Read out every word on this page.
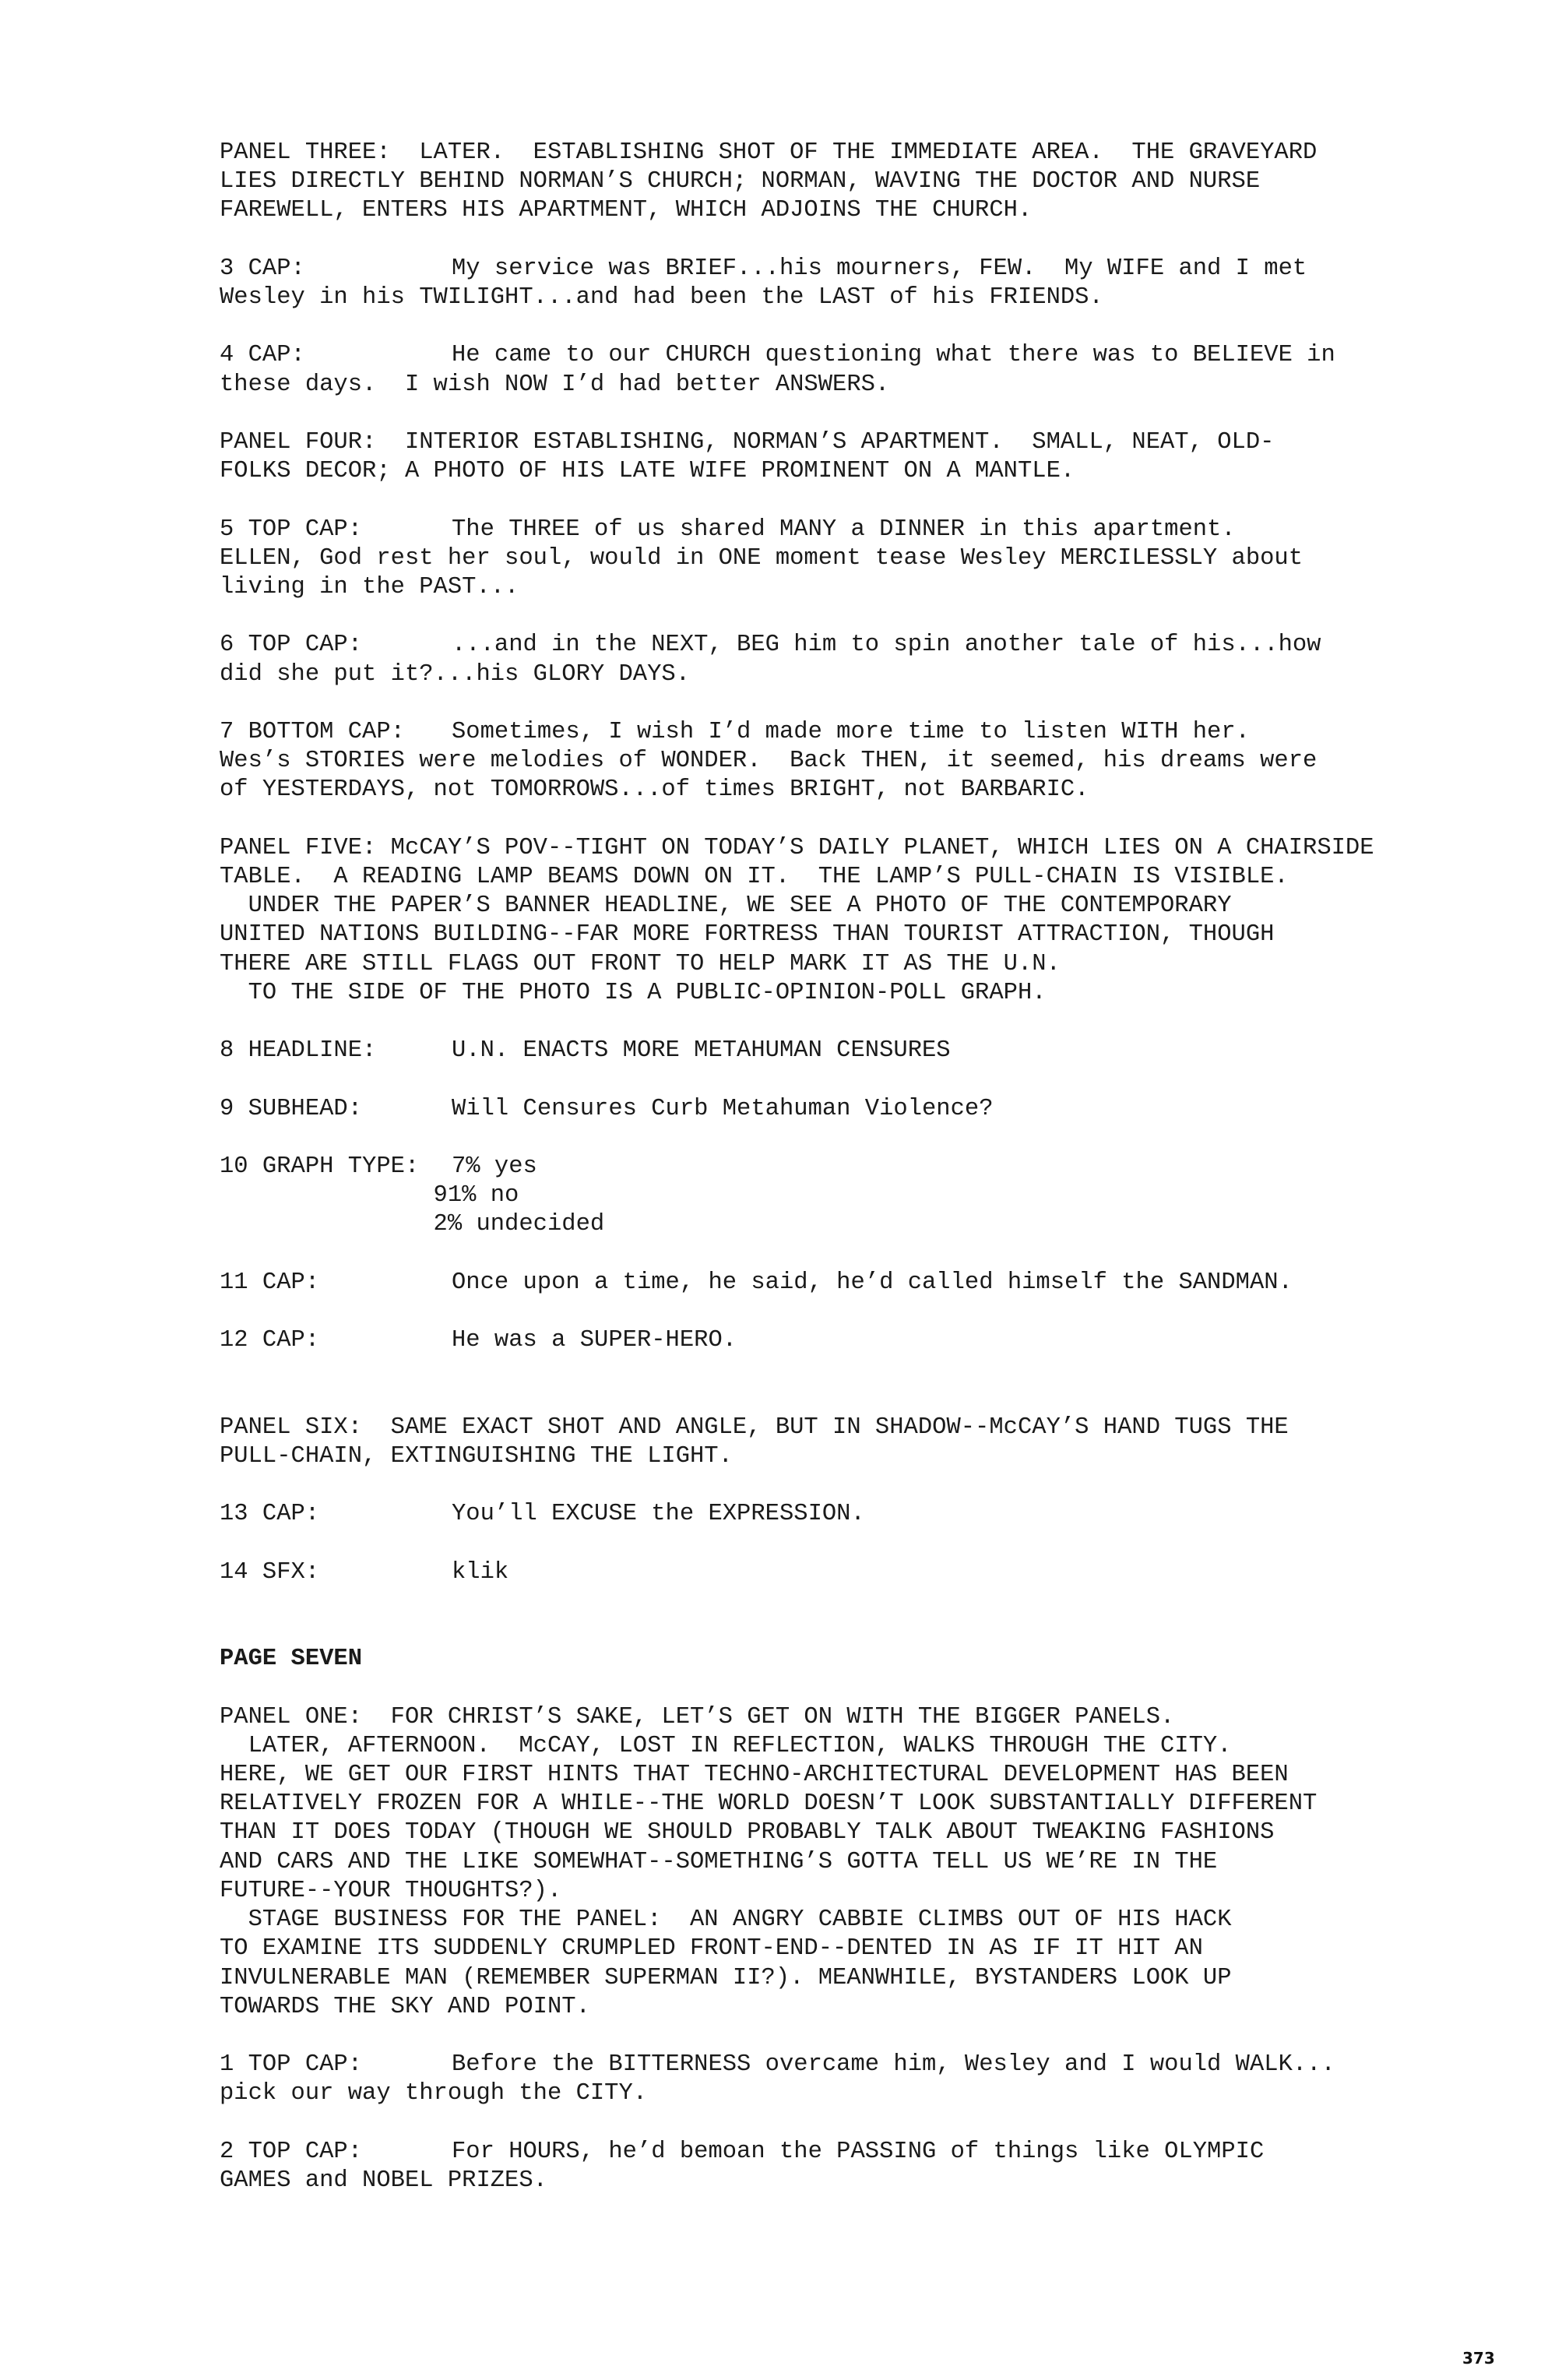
PANEL THREE:  LATER.  ESTABLISHING SHOT OF THE IMMEDIATE AREA.  THE GRAVEYARD
LIES DIRECTLY BEHIND NORMAN’S CHURCH; NORMAN, WAVING THE DOCTOR AND NURSE
FAREWELL, ENTERS HIS APARTMENT, WHICH ADJOINS THE CHURCH.
3 CAP:	My service was BRIEF...his mourners, FEW.  My WIFE and I met
Wesley in his TWILIGHT...and had been the LAST of his FRIENDS.
4 CAP:	He came to our CHURCH questioning what there was to BELIEVE in
these days.  I wish NOW I’d had better ANSWERS.
PANEL FOUR:  INTERIOR ESTABLISHING, NORMAN’S APARTMENT.  SMALL, NEAT, OLD-
FOLKS DECOR; A PHOTO OF HIS LATE WIFE PROMINENT ON A MANTLE.
5 TOP CAP:	The THREE of us shared MANY a DINNER in this apartment.
ELLEN, God rest her soul, would in ONE moment tease Wesley MERCILESSLY about
living in the PAST...
6 TOP CAP:	...and in the NEXT, BEG him to spin another tale of his...how
did she put it?...his GLORY DAYS.
7 BOTTOM CAP:	Sometimes, I wish I’d made more time to listen WITH her.
Wes’s STORIES were melodies of WONDER.  Back THEN, it seemed, his dreams were
of YESTERDAYS, not TOMORROWS...of times BRIGHT, not BARBARIC.
PANEL FIVE: McCAY’S POV--TIGHT ON TODAY’S DAILY PLANET, WHICH LIES ON A CHAIRSIDE
TABLE.  A READING LAMP BEAMS DOWN ON IT.  THE LAMP’S PULL-CHAIN IS VISIBLE.
UNDER THE PAPER’S BANNER HEADLINE, WE SEE A PHOTO OF THE CONTEMPORARY
UNITED NATIONS BUILDING--FAR MORE FORTRESS THAN TOURIST ATTRACTION, THOUGH
THERE ARE STILL FLAGS OUT FRONT TO HELP MARK IT AS THE U.N.
TO THE SIDE OF THE PHOTO IS A PUBLIC-OPINION-POLL GRAPH.
8 HEADLINE:	U.N. ENACTS MORE METAHUMAN CENSURES
9 SUBHEAD:	Will Censures Curb Metahuman Violence?
10 GRAPH TYPE:	7% yes
91% no
2% undecided
11 CAP:	Once upon a time, he said, he’d called himself the SANDMAN.
12 CAP:	He was a SUPER-HERO.
PANEL SIX:  SAME EXACT SHOT AND ANGLE, BUT IN SHADOW--McCAY’S HAND TUGS THE
PULL-CHAIN, EXTINGUISHING THE LIGHT.
13 CAP:	You’ll EXCUSE the EXPRESSION.
14 SFX:	klik
PAGE SEVEN
PANEL ONE:  FOR CHRIST’S SAKE, LET’S GET ON WITH THE BIGGER PANELS.
LATER, AFTERNOON.  McCAY, LOST IN REFLECTION, WALKS THROUGH THE CITY.
HERE, WE GET OUR FIRST HINTS THAT TECHNO-ARCHITECTURAL DEVELOPMENT HAS BEEN
RELATIVELY FROZEN FOR A WHILE--THE WORLD DOESN’T LOOK SUBSTANTIALLY DIFFERENT
THAN IT DOES TODAY (THOUGH WE SHOULD PROBABLY TALK ABOUT TWEAKING FASHIONS
AND CARS AND THE LIKE SOMEWHAT--SOMETHING’S GOTTA TELL US WE’RE IN THE
FUTURE--YOUR THOUGHTS?).
STAGE BUSINESS FOR THE PANEL:  AN ANGRY CABBIE CLIMBS OUT OF HIS HACK
TO EXAMINE ITS SUDDENLY CRUMPLED FRONT-END--DENTED IN AS IF IT HIT AN
INVULNERABLE MAN (REMEMBER SUPERMAN II?). MEANWHILE, BYSTANDERS LOOK UP
TOWARDS THE SKY AND POINT.
1 TOP CAP:	Before the BITTERNESS overcame him, Wesley and I would WALK...
pick our way through the CITY.
2 TOP CAP:	For HOURS, he’d bemoan the PASSING of things like OLYMPIC
GAMES and NOBEL PRIZES.
373
